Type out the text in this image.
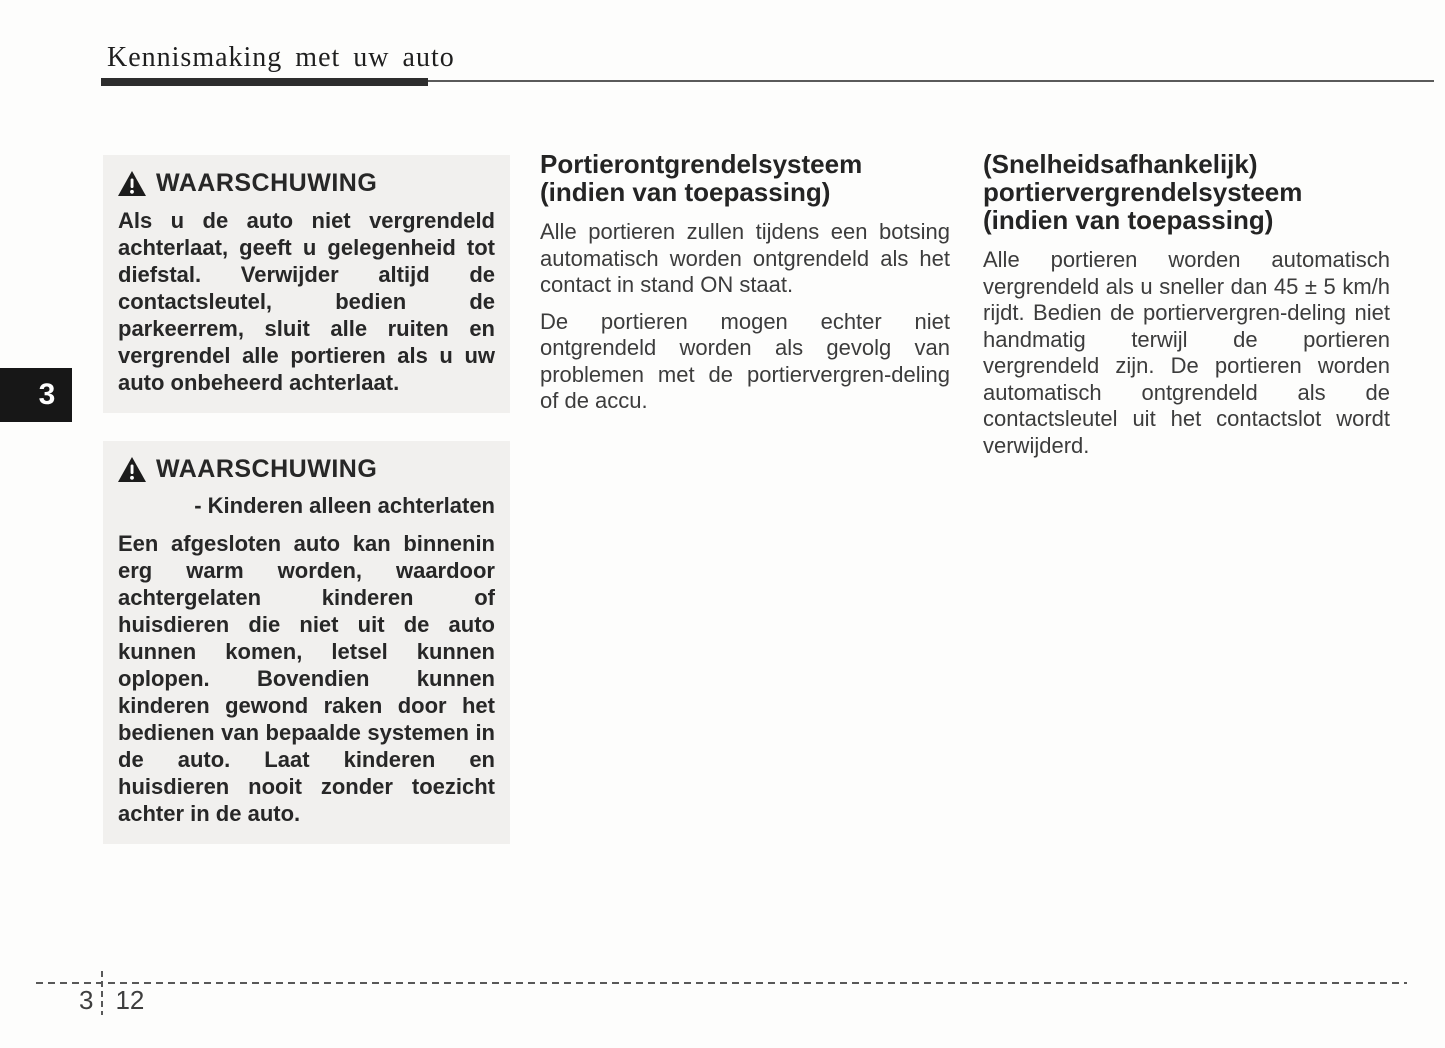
Kennismaking met uw auto
3
WAARSCHUWING

Als u de auto niet vergrendeld achterlaat, geeft u gelegenheid tot diefstal. Verwijder altijd de contactsleutel, bedien de parkeerrem, sluit alle ruiten en vergrendel alle portieren als u uw auto onbeheerd achterlaat.

WAARSCHUWING
- Kinderen alleen achterlaten

Een afgesloten auto kan binnenin erg warm worden, waardoor achtergelaten kinderen of huisdieren die niet uit de auto kunnen komen, letsel kunnen oplopen. Bovendien kunnen kinderen gewond raken door het bedienen van bepaalde systemen in de auto. Laat kinderen en huisdieren nooit zonder toezicht achter in de auto.

Portierontgrendelsysteem (indien van toepassing)

Alle portieren zullen tijdens een botsing automatisch worden ontgrendeld als het contact in stand ON staat.

De portieren mogen echter niet ontgrendeld worden als gevolg van problemen met de portiervergren-deling of de accu.

(Snelheidsafhankelijk) portiervergrendelsysteem (indien van toepassing)

Alle portieren worden automatisch vergrendeld als u sneller dan 45 ± 5 km/h rijdt. Bedien de portiervergren-deling niet handmatig terwijl de portieren vergrendeld zijn. De portieren worden automatisch ontgrendeld als de contactsleutel uit het contactslot wordt verwijderd.

3 12
